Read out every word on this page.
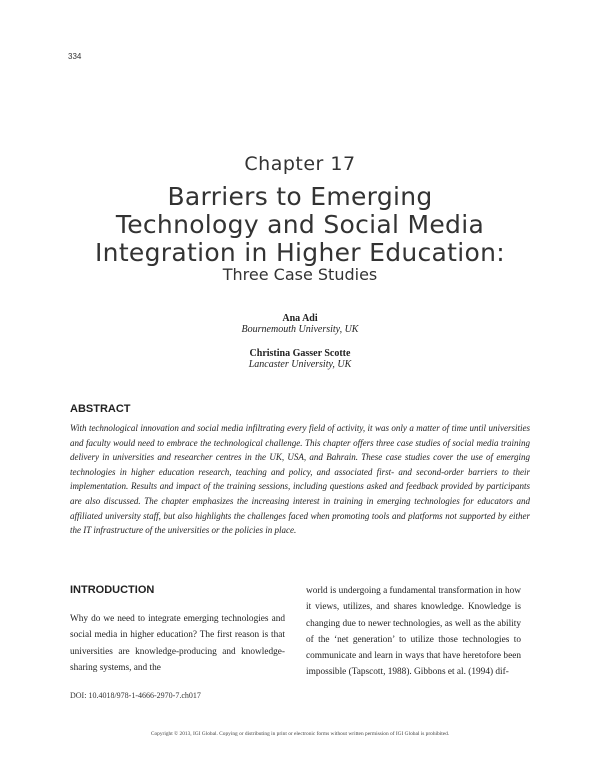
334
Chapter 17
Barriers to Emerging
Technology and Social Media
Integration in Higher Education:
Three Case Studies
Ana Adi
Bournemouth University, UK
Christina Gasser Scotte
Lancaster University, UK
ABSTRACT
With technological innovation and social media infiltrating every field of activity, it was only a matter of time until universities and faculty would need to embrace the technological challenge. This chapter offers three case studies of social media training delivery in universities and researcher centres in the UK, USA, and Bahrain. These case studies cover the use of emerging technologies in higher education research, teaching and policy, and associated first- and second-order barriers to their implementation. Results and impact of the training sessions, including questions asked and feedback provided by participants are also discussed. The chapter emphasizes the increasing interest in training in emerging technologies for educators and affiliated university staff, but also highlights the challenges faced when promoting tools and platforms not supported by either the IT infrastructure of the universities or the policies in place.
INTRODUCTION
Why do we need to integrate emerging technologies and social media in higher education? The first reason is that universities are knowledge-producing and knowledge-sharing systems, and the
world is undergoing a fundamental transformation in how it views, utilizes, and shares knowledge. Knowledge is changing due to newer technologies, as well as the ability of the ‘net generation’ to utilize those technologies to communicate and learn in ways that have heretofore been impossible (Tapscott, 1988). Gibbons et al. (1994) dif-
DOI: 10.4018/978-1-4666-2970-7.ch017
Copyright © 2013, IGI Global. Copying or distributing in print or electronic forms without written permission of IGI Global is prohibited.
